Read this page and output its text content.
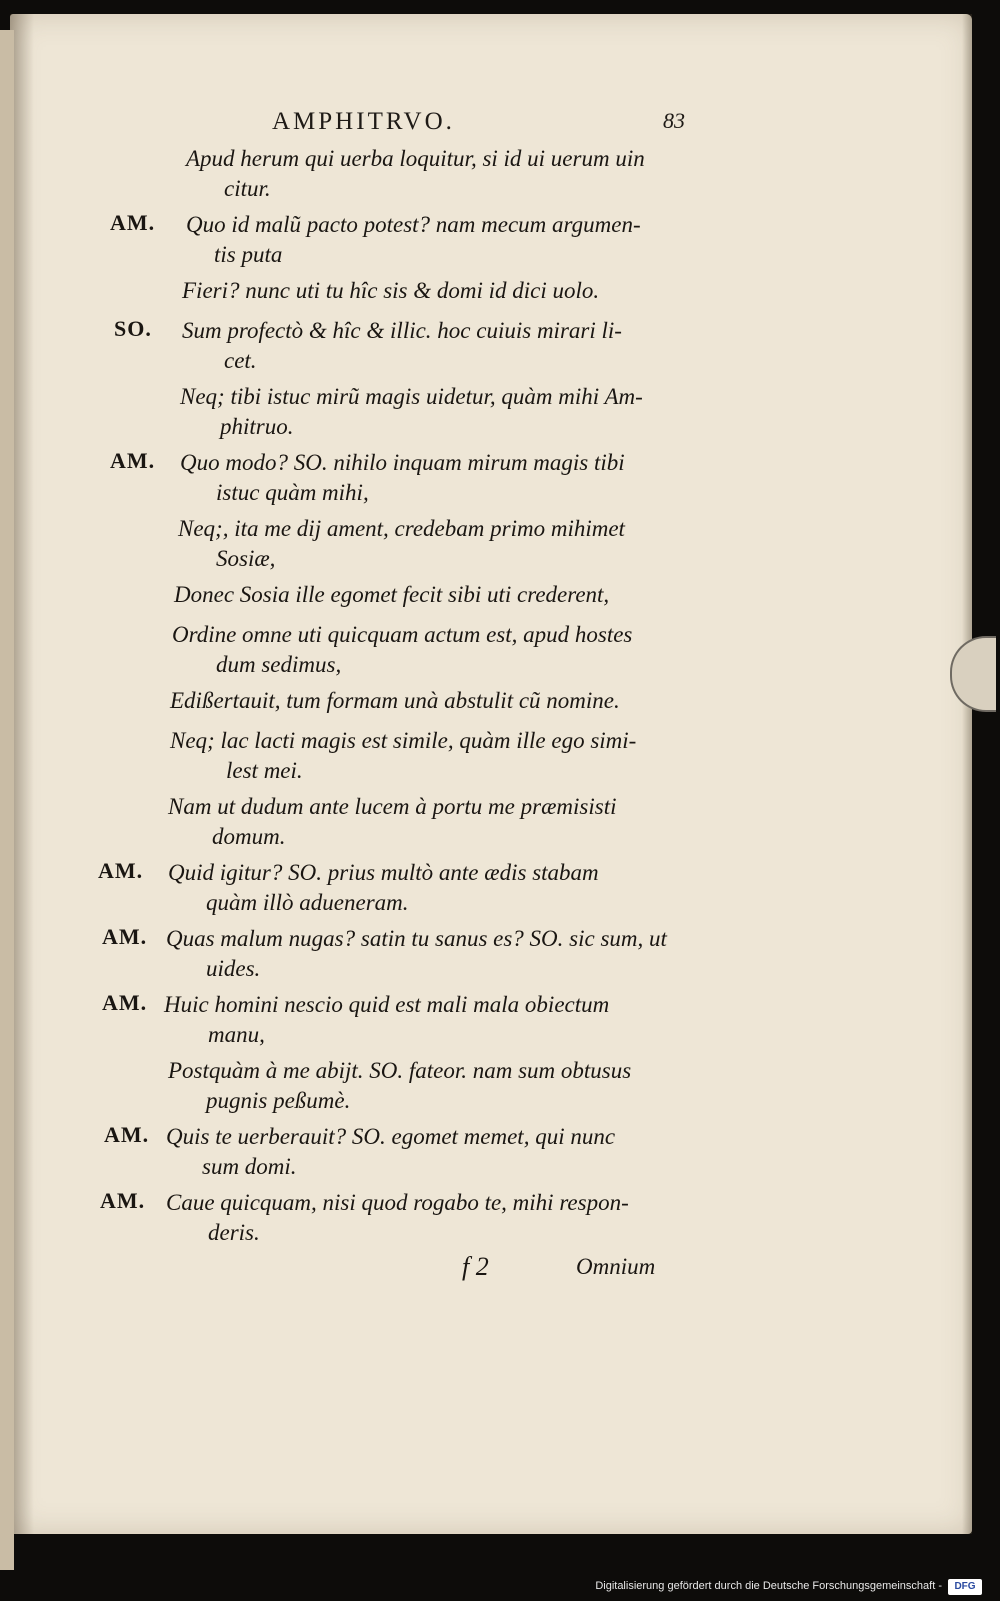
AMPHITRVO.	83
Apud herum qui uerba loquitur, si id ui uerum uin
citur.
AM. Quo id malũ pacto potest? nam mecum argumen-
tis puta
Fieri? nunc uti tu hîc sis & domi id dici uolo.
SO. Sum profectò & hîc & illic. hoc cuiuis mirari li-
cet.
Neq; tibi istuc mirũ magis uidetur, quàm mihi Am-
phitruo.
AM. Quo modo? SO. nihilo inquam mirum magis tibi
istuc quàm mihi,
Neq;, ita me dij ament, credebam primo mihimet
Sosiæ,
Donec Sosia ille egomet fecit sibi uti crederent,
Ordine omne uti quicquam actum est, apud hostes
dum sedimus,
Edißertauit, tum formam unà abstulit cũ nomine.
Neq; lac lacti magis est simile, quàm ille ego simi-
lest mei.
Nam ut dudum ante lucem à portu me præmisisti
domum.
AM. Quid igitur? SO. prius multò ante ædis stabam
quàm illò adueneram.
AM. Quas malum nugas? satin tu sanus es? SO. sic sum, ut
uides.
AM. Huic homini nescio quid est mali mala obiectum
manu,
Postquàm à me abijt. SO. fateor. nam sum obtusus
pugnis peßumè.
AM. Quis te uerberauit? SO. egomet memet, qui nunc
sum domi.
AM. Caue quicquam, nisi quod rogabo te, mihi respon-
deris.
f 2	Omnium
Digitalisierung gefördert durch die Deutsche Forschungsgemeinschaft -	DFG
